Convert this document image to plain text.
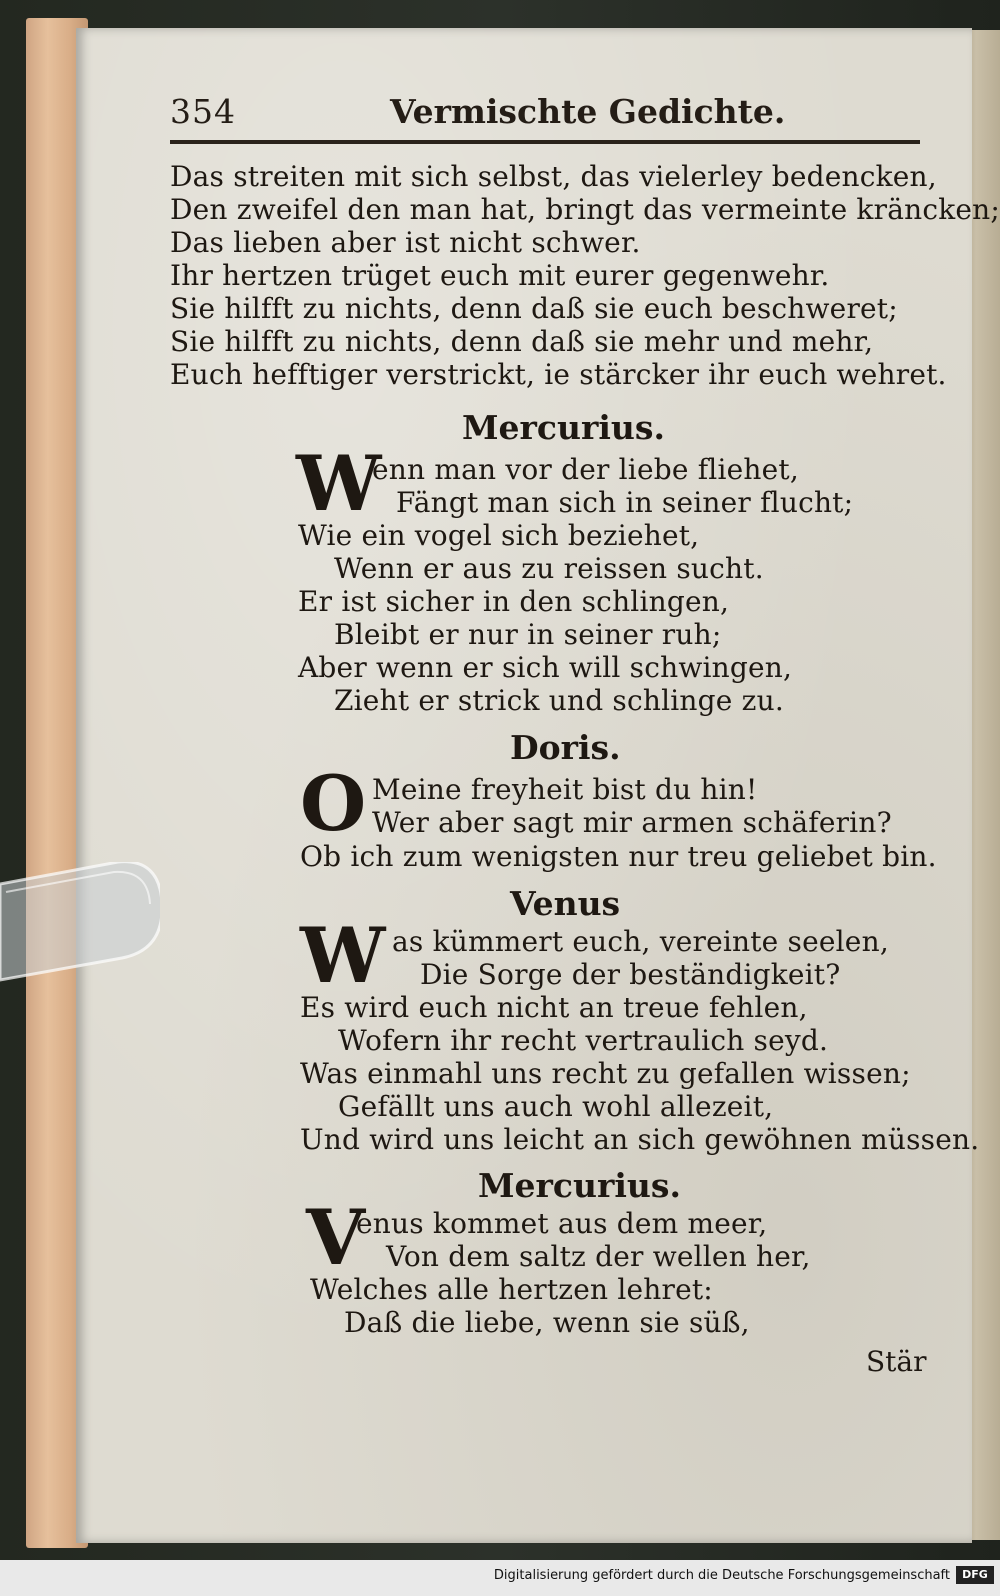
354	Vermischte Gedichte.
Das streiten mit sich selbst, das vielerley bedencken,
Den zweifel den man hat, bringt das vermeinte kräncken;
Das lieben aber ist nicht schwer.
Ihr hertzen trüget euch mit eurer gegenwehr.
Sie hilfft zu nichts, denn daß sie euch beschweret;
Sie hilfft zu nichts, denn daß sie mehr und mehr,
Euch hefftiger verstrickt, ie stärcker ihr euch wehret.
Mercurius.
W
enn man vor der liebe fliehet,
Fängt man sich in seiner flucht;
Wie ein vogel sich beziehet,
Wenn er aus zu reissen sucht.
Er ist sicher in den schlingen,
Bleibt er nur in seiner ruh;
Aber wenn er sich will schwingen,
Zieht er strick und schlinge zu.
Doris.
O Meine freyheit bist du hin!
Wer aber sagt mir armen schäferin?
Ob ich zum wenigsten nur treu geliebet bin.
Venus
W as kümmert euch, vereinte seelen,
Die Sorge der beständigkeit?
Es wird euch nicht an treue fehlen,
Wofern ihr recht vertraulich seyd.
Was einmahl uns recht zu gefallen wissen;
Gefällt uns auch wohl allezeit,
Und wird uns leicht an sich gewöhnen müssen.
Mercurius.
V
enus kommet aus dem meer,
Von dem saltz der wellen her,
Welches alle hertzen lehret:
Daß die liebe, wenn sie süß,
Stär
Digitalisierung gefördert durch die Deutsche Forschungsgemeinschaft	DFG
